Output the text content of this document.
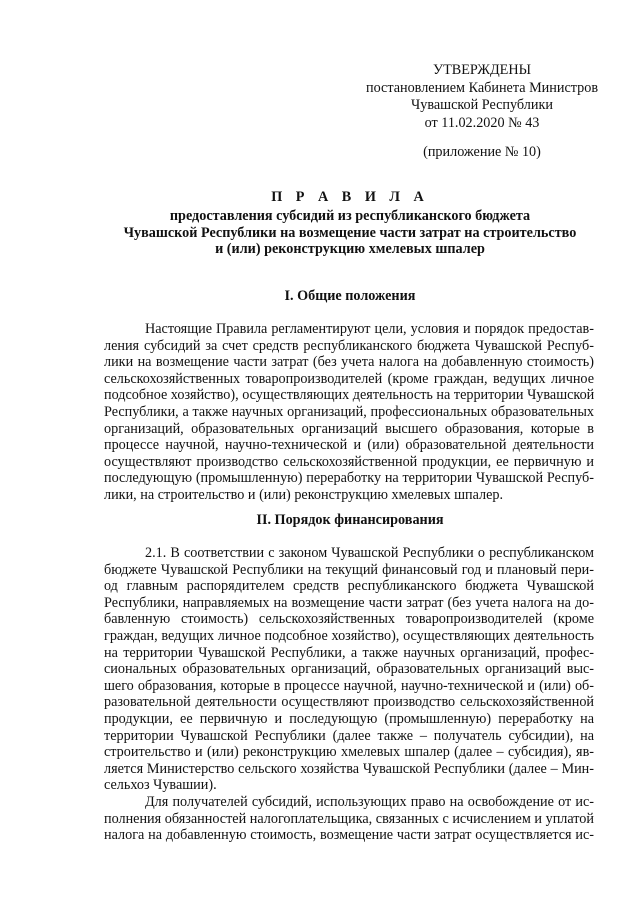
УТВЕРЖДЕНЫ
постановлением Кабинета Министров
Чувашской Республики
от 11.02.2020 № 43
(приложение № 10)
П Р А В И Л А
предоставления субсидий из республиканского бюджета
Чувашской Республики на возмещение части затрат на строительство
и (или) реконструкцию хмелевых шпалер
I. Общие положения
Настоящие Правила регламентируют цели, условия и порядок предостав-
ления субсидий за счет средств республиканского бюджета Чувашской Респуб-
лики на возмещение части затрат (без учета налога на добавленную стоимость)
сельскохозяйственных товаропроизводителей (кроме граждан, ведущих личное
подсобное хозяйство), осуществляющих деятельность на территории Чувашской
Республики, а также научных организаций, профессиональных образовательных
организаций, образовательных организаций высшего образования, которые в
процессе научной, научно-технической и (или) образовательной деятельности
осуществляют производство сельскохозяйственной продукции, ее первичную и
последующую (промышленную) переработку на территории Чувашской Респуб-
лики, на строительство и (или) реконструкцию хмелевых шпалер.
II. Порядок финансирования
2.1. В соответствии с законом Чувашской Республики о республиканском
бюджете Чувашской Республики на текущий финансовый год и плановый пери-
од главным распорядителем средств республиканского бюджета Чувашской
Республики, направляемых на возмещение части затрат (без учета налога на до-
бавленную стоимость) сельскохозяйственных товаропроизводителей (кроме
граждан, ведущих личное подсобное хозяйство), осуществляющих деятельность
на территории Чувашской Республики, а также научных организаций, профес-
сиональных образовательных организаций, образовательных организаций выс-
шего образования, которые в процессе научной, научно-технической и (или) об-
разовательной деятельности осуществляют производство сельскохозяйственной
продукции, ее первичную и последующую (промышленную) переработку на
территории Чувашской Республики (далее также – получатель субсидии), на
строительство и (или) реконструкцию хмелевых шпалер (далее – субсидия), яв-
ляется Министерство сельского хозяйства Чувашской Республики (далее – Мин-
сельхоз Чувашии).
Для получателей субсидий, использующих право на освобождение от ис-
полнения обязанностей налогоплательщика, связанных с исчислением и уплатой
налога на добавленную стоимость, возмещение части затрат осуществляется ис-
